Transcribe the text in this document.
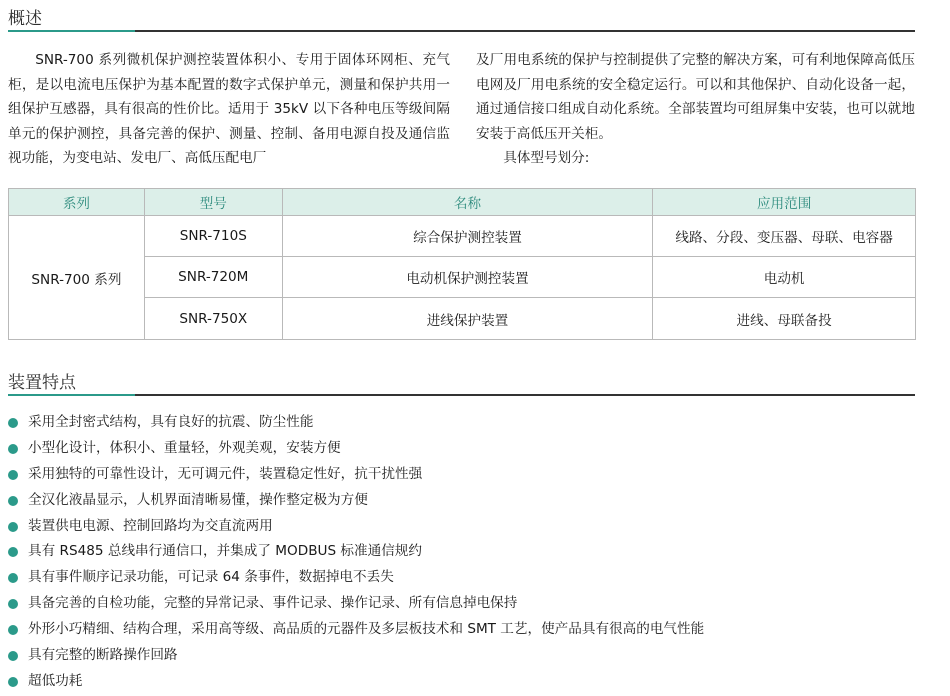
概述

SNR-700 系列微机保护测控装置体积小、专用于固体环网柜、充气柜，是以电流电压保护为基本配置的数字式保护单元，测量和保护共用一组保护互感器，具有很高的性价比。适用于 35kV 以下各种电压等级间隔单元的保护测控，具备完善的保护、测量、控制、备用电源自投及通信监视功能，为变电站、发电厂、高低压配电厂

及厂用电系统的保护与控制提供了完整的解决方案，可有利地保障高低压电网及厂用电系统的安全稳定运行。可以和其他保护、自动化设备一起，通过通信接口组成自动化系统。全部装置均可组屏集中安装，也可以就地安装于高低压开关柜。
具体型号划分:

系列	型号	名称	应用范围
SNR-700 系列	SNR-710S	综合保护测控装置	线路、分段、变压器、母联、电容器
	SNR-720M	电动机保护测控装置	电动机
	SNR-750X	进线保护装置	进线、母联备投
装置特点
采用全封密式结构，具有良好的抗震、防尘性能
小型化设计，体积小、重量轻，外观美观，安装方便
采用独特的可靠性设计，无可调元件，装置稳定性好，抗干扰性强
全汉化液晶显示，人机界面清晰易懂，操作整定极为方便
装置供电电源、控制回路均为交直流两用
具有 RS485 总线串行通信口，并集成了 MODBUS 标准通信规约
具有事件顺序记录功能，可记录 64 条事件，数据掉电不丢失
具备完善的自检功能，完整的异常记录、事件记录、操作记录、所有信息掉电保持
外形小巧精细、结构合理，采用高等级、高品质的元器件及多层板技术和 SMT 工艺，使产品具有很高的电气性能
具有完整的断路操作回路
超低功耗
